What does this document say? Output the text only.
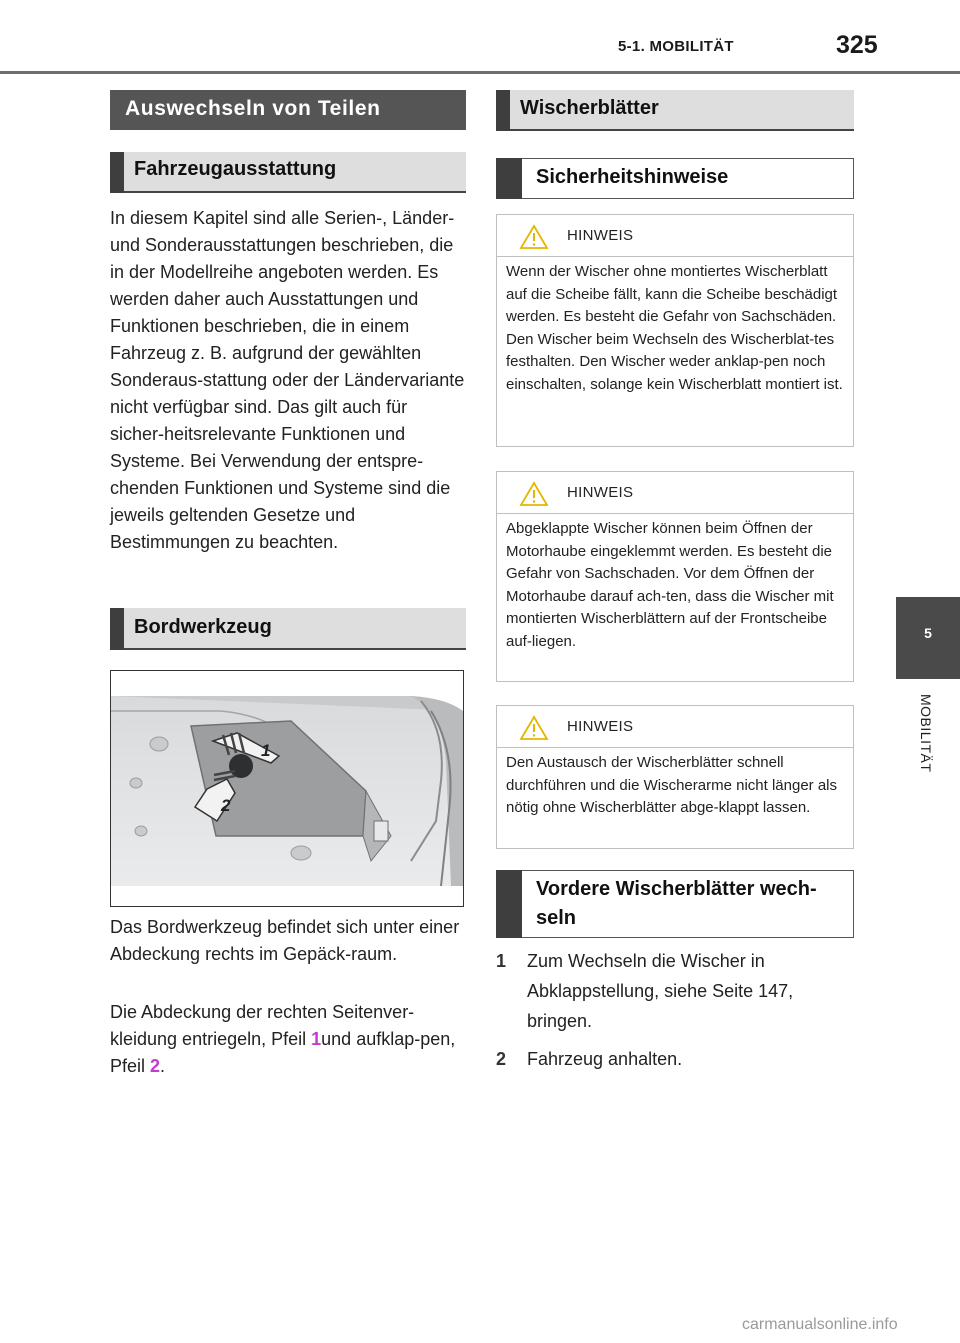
5-1. MOBILITÄT	325
5
MOBILITÄT
Auswechseln von Teilen
Fahrzeugausstattung

In diesem Kapitel sind alle Serien-, Länder- und Sonderausstattungen beschrieben, die in der Modellreihe angeboten werden. Es werden daher auch Ausstattungen und Funktionen beschrieben, die in einem Fahrzeug z. B. aufgrund der gewählten Sonderaus-stattung oder der Ländervariante nicht verfügbar sind. Das gilt auch für sicher-heitsrelevante Funktionen und Systeme. Bei Verwendung der entspre-chenden Funktionen und Systeme sind die jeweils geltenden Gesetze und Bestimmungen zu beachten.

Bordwerkzeug
1
2

Das Bordwerkzeug befindet sich unter einer Abdeckung rechts im Gepäck-raum.

Die Abdeckung der rechten Seitenver-kleidung entriegeln, Pfeil 1und aufklap-pen, Pfeil 2.

Wischerblätter
Sicherheitshinweise
HINWEIS
Wenn der Wischer ohne montiertes Wischerblatt auf die Scheibe fällt, kann die Scheibe beschädigt werden. Es besteht die Gefahr von Sachschäden. Den Wischer beim Wechseln des Wischerblat-tes festhalten. Den Wischer weder anklap-pen noch einschalten, solange kein Wischerblatt montiert ist.
HINWEIS
Abgeklappte Wischer können beim Öffnen der Motorhaube eingeklemmt werden. Es besteht die Gefahr von Sachschaden. Vor dem Öffnen der Motorhaube darauf ach-ten, dass die Wischer mit montierten Wischerblättern auf der Frontscheibe auf-liegen.
HINWEIS
Den Austausch der Wischerblätter schnell durchführen und die Wischerarme nicht länger als nötig ohne Wischerblätter abge-klappt lassen.
Vordere Wischerblätter wech-seln
1 Zum Wechseln die Wischer in Abklappstellung, siehe Seite 147, bringen.
2 Fahrzeug anhalten.
carmanualsonline.info
